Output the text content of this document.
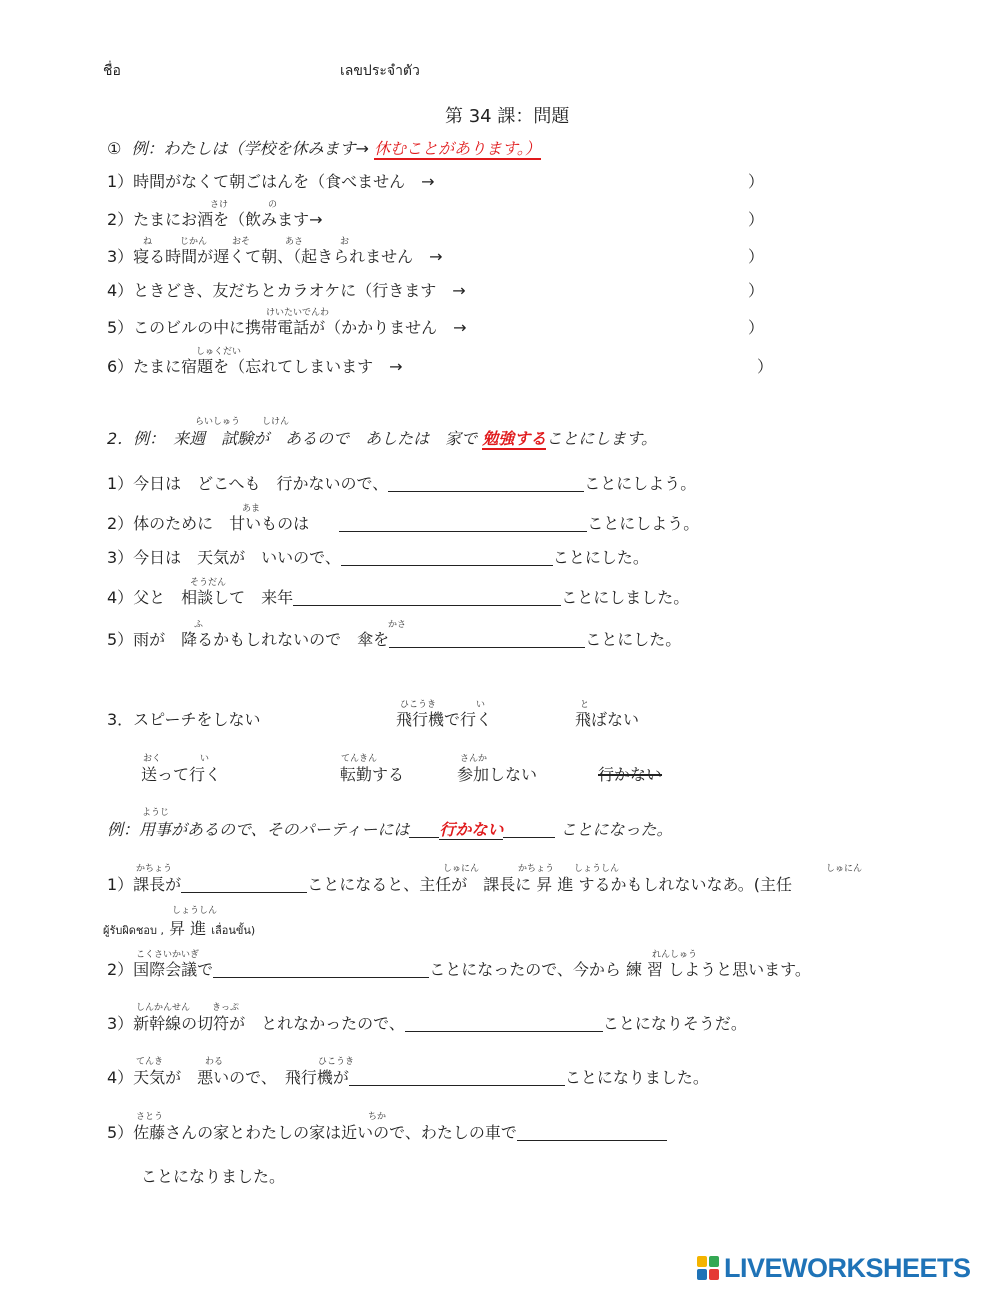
ชื่อ	เลขประจำตัว
第 34 課：問題
① 例：わたしは（学校を休みます→ 休むことがあります。）
1）時間がなくて朝ごはんを（食べません　→	）
さけ	の
2）たまにお酒を（飲みます→	）
ね	じかん	おそ	あさ	お
3）寝る時間が遅くて朝、（起きられません　→	）
4）ときどき、友だちとカラオケに（行きます　→	）
けいたいでんわ
5）このビルの中に携帯電話が（かかりません　→	）
しゅくだい
6）たまに宿題を（忘れてしまいます　→	）
らいしゅう しけん
2．例：　来週　試験が　あるので　あしたは　家で 勉強することにします。
1）今日は　どこへも　行かないので、	ことにしよう。
あま
2）体のために　甘いものは	ことにしよう。
3）今日は　天気が　いいので、	ことにした。
そうだん
4）父と　相談して　来年	ことにしました。
ふ	かさ
5）雨が　降るかもしれないので　傘を	ことにした。
3．スピーチをしない
ひこうき	い
飛行機で行く
と
飛ばない
おく	い
送って行く
てんきん
転勤する
さんか
参加しない	行かない
ようじ
例：用事があるので、そのパーティーには 行かない	ことになった。
かちょう	しゅにん	かちょう しょうしん	しゅにん
1）課長が	ことになると、主任が　課長に 昇 進 するかもしれないなあ。(主任
しょうしん
ผู้รับผิดชอบ , 昇 進 เลื่อนขั้น)
こくさいかいぎ	れんしゅう
2）国際会議で	ことになったので、今から 練 習 しようと思います。
しんかんせん きっぷ
3）新幹線の切符が　とれなかったので、	ことになりそうだ。
てんき	わる	ひこうき
4）天気が　悪いので、　飛行機が	ことになりました。
さとう	ちか
5）佐藤さんの家とわたしの家は近いので、わたしの車で
ことになりました。
LIVEWORKSHEETS
